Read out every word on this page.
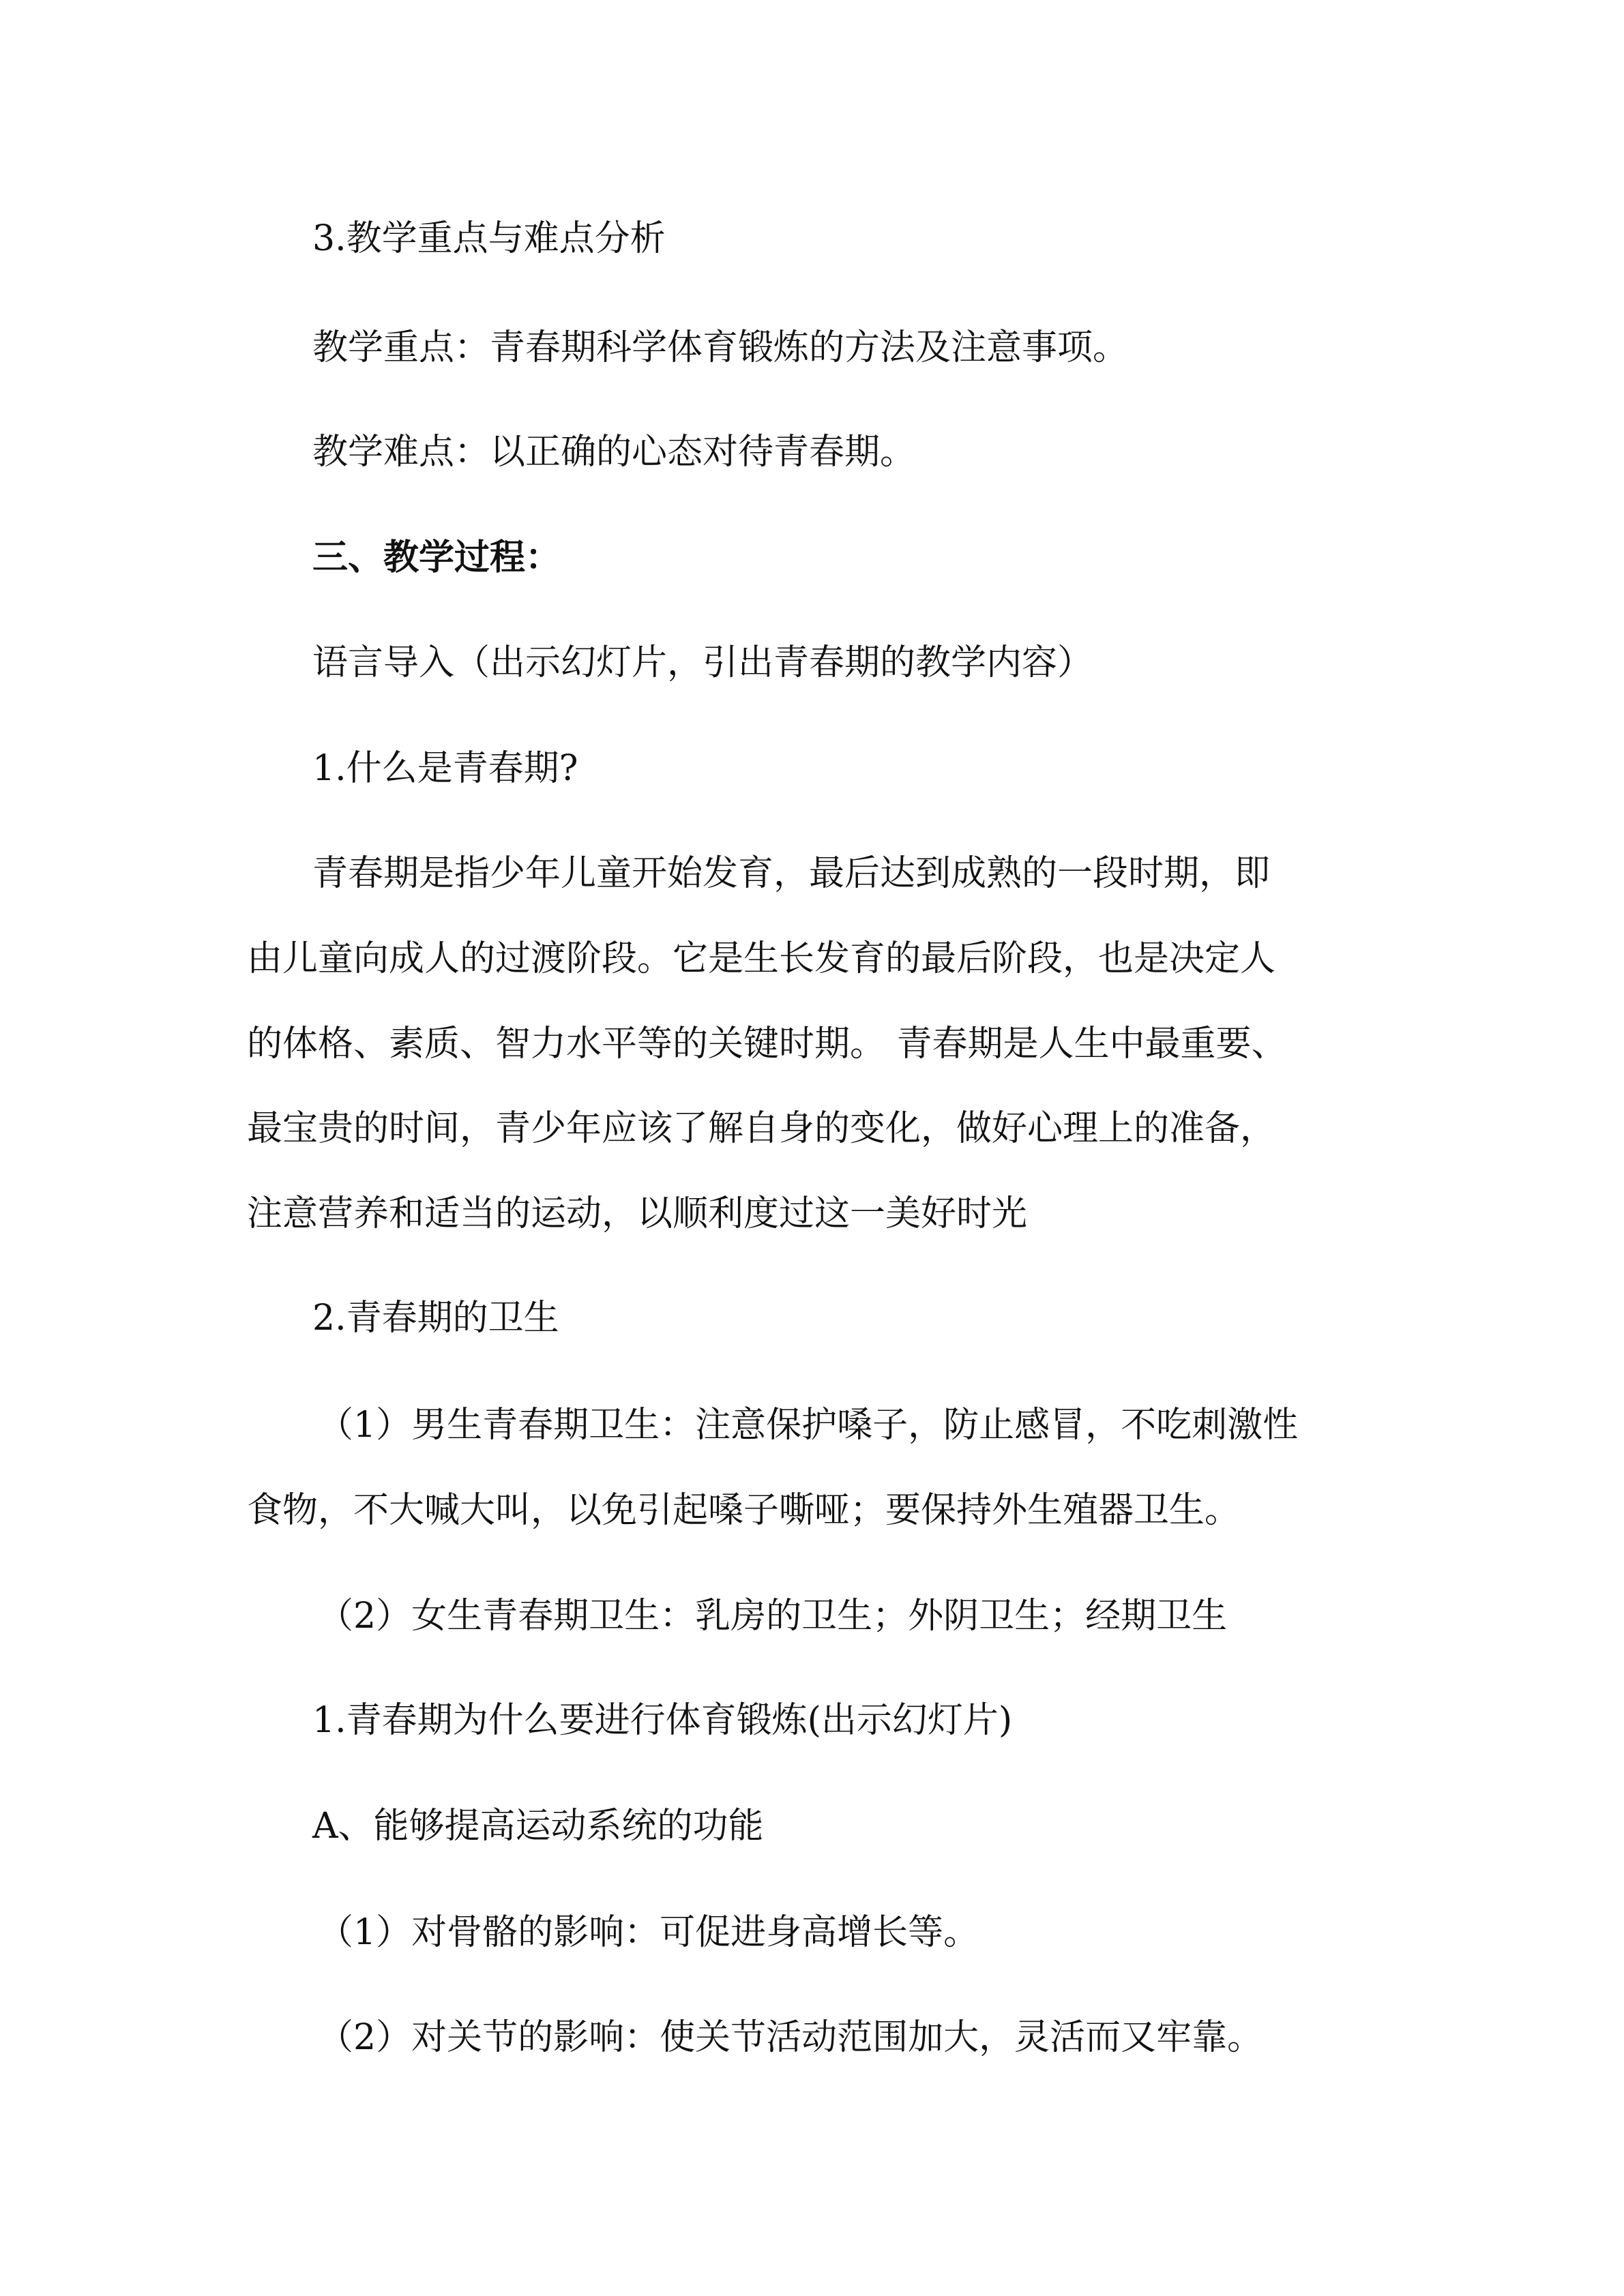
3.教学重点与难点分析
教学重点：青春期科学体育锻炼的方法及注意事项。
教学难点：以正确的心态对待青春期。
三、教学过程：
语言导入（出示幻灯片，引出青春期的教学内容）
1.什么是青春期?
青春期是指少年儿童开始发育，最后达到成熟的一段时期，即
由儿童向成人的过渡阶段。它是生长发育的最后阶段，也是决定人
的体格、素质、智力水平等的关键时期。 青春期是人生中最重要、
最宝贵的时间，青少年应该了解自身的变化，做好心理上的准备，
注意营养和适当的运动，以顺利度过这一美好时光
2.青春期的卫生
（1）男生青春期卫生：注意保护嗓子，防止感冒，不吃刺激性
食物，不大喊大叫，以免引起嗓子嘶哑；要保持外生殖器卫生。
（2）女生青春期卫生：乳房的卫生；外阴卫生；经期卫生
1.青春期为什么要进行体育锻炼(出示幻灯片)
A、能够提高运动系统的功能
（1）对骨骼的影响：可促进身高增长等。
（2）对关节的影响：使关节活动范围加大，灵活而又牢靠。
